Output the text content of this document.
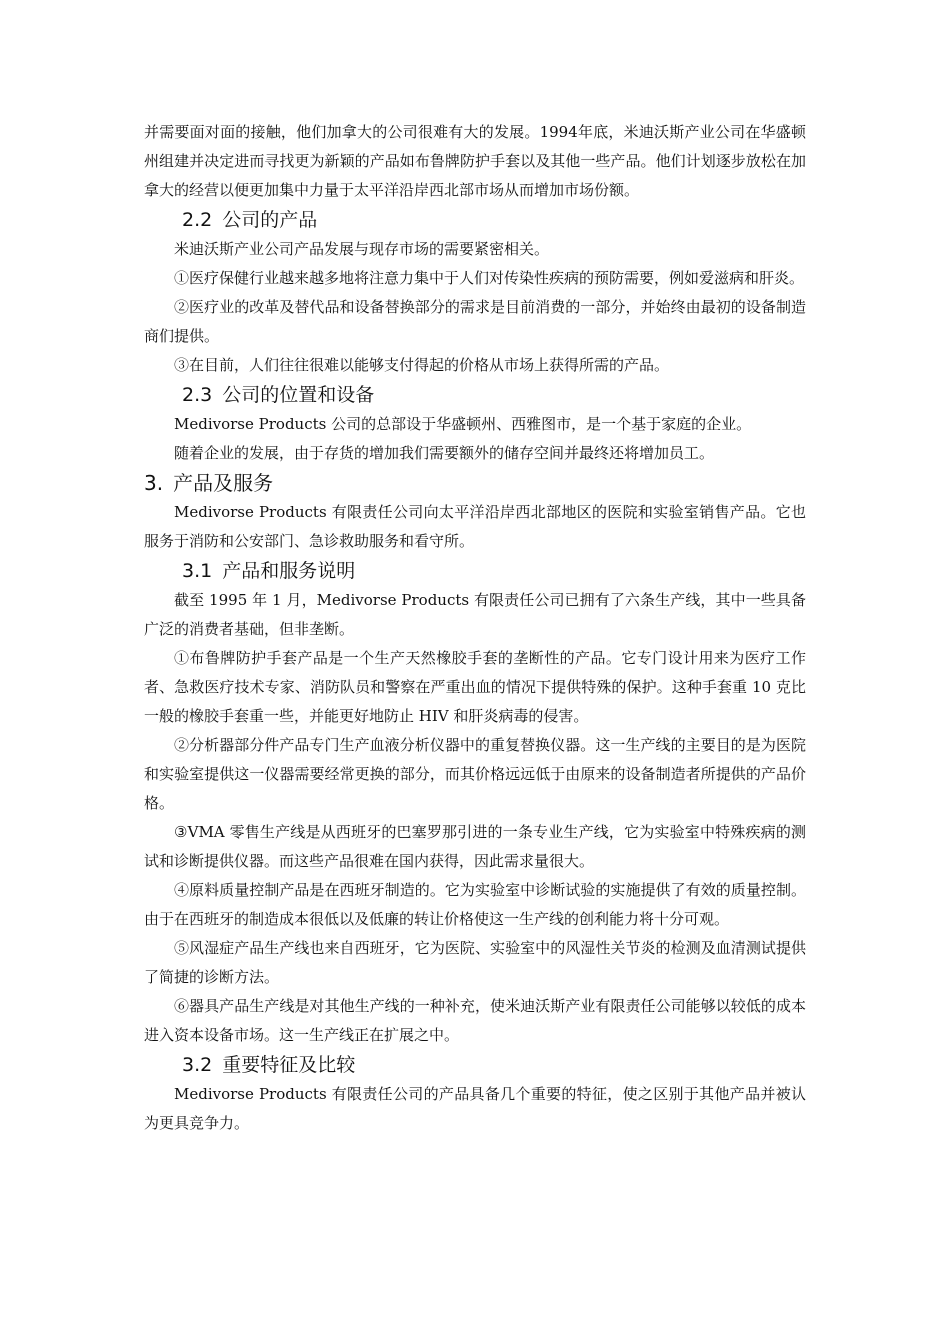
并需要面对面的接触，他们加拿大的公司很难有大的发展。1994年底，米迪沃斯产业公司在华盛顿州组建并决定进而寻找更为新颖的产品如布鲁牌防护手套以及其他一些产品。他们计划逐步放松在加拿大的经营以便更加集中力量于太平洋沿岸西北部市场从而增加市场份额。

2.2 公司的产品

米迪沃斯产业公司产品发展与现存市场的需要紧密相关。

①医疗保健行业越来越多地将注意力集中于人们对传染性疾病的预防需要，例如爱滋病和肝炎。

②医疗业的改革及替代品和设备替换部分的需求是目前消费的一部分，并始终由最初的设备制造商们提供。

③在目前，人们往往很难以能够支付得起的价格从市场上获得所需的产品。

2.3 公司的位置和设备

Medivorse Products 公司的总部设于华盛顿州、西雅图市，是一个基于家庭的企业。

随着企业的发展，由于存货的增加我们需要额外的储存空间并最终还将增加员工。

3. 产品及服务

Medivorse Products 有限责任公司向太平洋沿岸西北部地区的医院和实验室销售产品。它也服务于消防和公安部门、急诊救助服务和看守所。

3.1 产品和服务说明

截至 1995 年 1 月，Medivorse Products 有限责任公司已拥有了六条生产线，其中一些具备广泛的消费者基础，但非垄断。

①布鲁牌防护手套产品是一个生产天然橡胶手套的垄断性的产品。它专门设计用来为医疗工作者、急救医疗技术专家、消防队员和警察在严重出血的情况下提供特殊的保护。这种手套重 10 克比一般的橡胶手套重一些，并能更好地防止 HIV 和肝炎病毒的侵害。

②分析器部分件产品专门生产血液分析仪器中的重复替换仪器。这一生产线的主要目的是为医院和实验室提供这一仪器需要经常更换的部分，而其价格远远低于由原来的设备制造者所提供的产品价格。

③VMA 零售生产线是从西班牙的巴塞罗那引进的一条专业生产线，它为实验室中特殊疾病的测试和诊断提供仪器。而这些产品很难在国内获得，因此需求量很大。

④原料质量控制产品是在西班牙制造的。它为实验室中诊断试验的实施提供了有效的质量控制。由于在西班牙的制造成本很低以及低廉的转让价格使这一生产线的创利能力将十分可观。

⑤风湿症产品生产线也来自西班牙，它为医院、实验室中的风湿性关节炎的检测及血清测试提供了简捷的诊断方法。

⑥器具产品生产线是对其他生产线的一种补充，使米迪沃斯产业有限责任公司能够以较低的成本进入资本设备市场。这一生产线正在扩展之中。

3.2 重要特征及比较

Medivorse Products 有限责任公司的产品具备几个重要的特征，使之区别于其他产品并被认为更具竞争力。
